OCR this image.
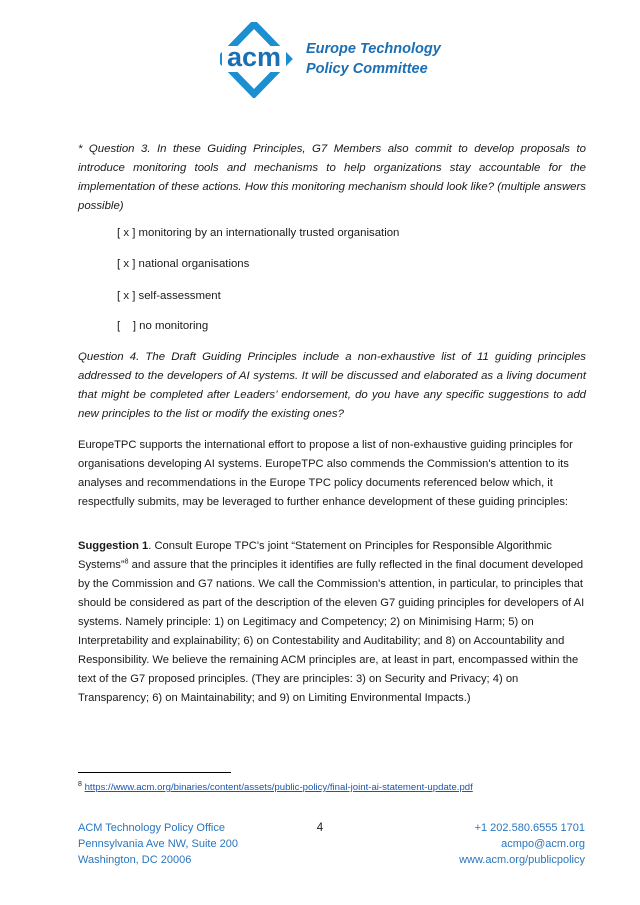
acm Europe Technology
Policy Committee

* Question 3. In these Guiding Principles, G7 Members also commit to develop proposals to introduce monitoring tools and mechanisms to help organizations stay accountable for the implementation of these actions. How this monitoring mechanism should look like? (multiple answers possible)

[ x ] monitoring by an internationally trusted organisation
[ x ] national organisations
[ x ] self-assessment
[    ] no monitoring

Question 4. The Draft Guiding Principles include a non-exhaustive list of 11 guiding principles addressed to the developers of AI systems. It will be discussed and elaborated as a living document that might be completed after Leaders’ endorsement, do you have any specific suggestions to add new principles to the list or modify the existing ones?

EuropeTPC supports the international effort to propose a list of non-exhaustive guiding principles for organisations developing AI systems. EuropeTPC also commends the Commission's attention to its analyses and recommendations in the Europe TPC policy documents referenced below which, it respectfully submits, may be leveraged to further enhance development of these guiding principles:

Suggestion 1. Consult Europe TPC's joint “Statement on Principles for Responsible Algorithmic Systems”$^8$ and assure that the principles it identifies are fully reflected in the final document developed by the Commission and G7 nations. We call the Commission's attention, in particular, to principles that should be considered as part of the description of the eleven G7 guiding principles for developers of AI systems. Namely principle: 1) on Legitimacy and Competency; 2) on Minimising Harm; 5) on Interpretability and explainability; 6) on Contestability and Auditability; and 8) on Accountability and Responsibility. We believe the remaining ACM principles are, at least in part, encompassed within the text of the G7 proposed principles. (They are principles: 3) on Security and Privacy; 4) on Transparency; 6) on Maintainability; and 9) on Limiting Environmental Impacts.)

$^8$ https://www.acm.org/binaries/content/assets/public-policy/final-joint-ai-statement-update.pdf
ACM Technology Policy Office
Pennsylvania Ave NW, Suite 200
Washington, DC 20006
4	+1 202.580.6555 1701
acmpo@acm.org
www.acm.org/publicpolicy
